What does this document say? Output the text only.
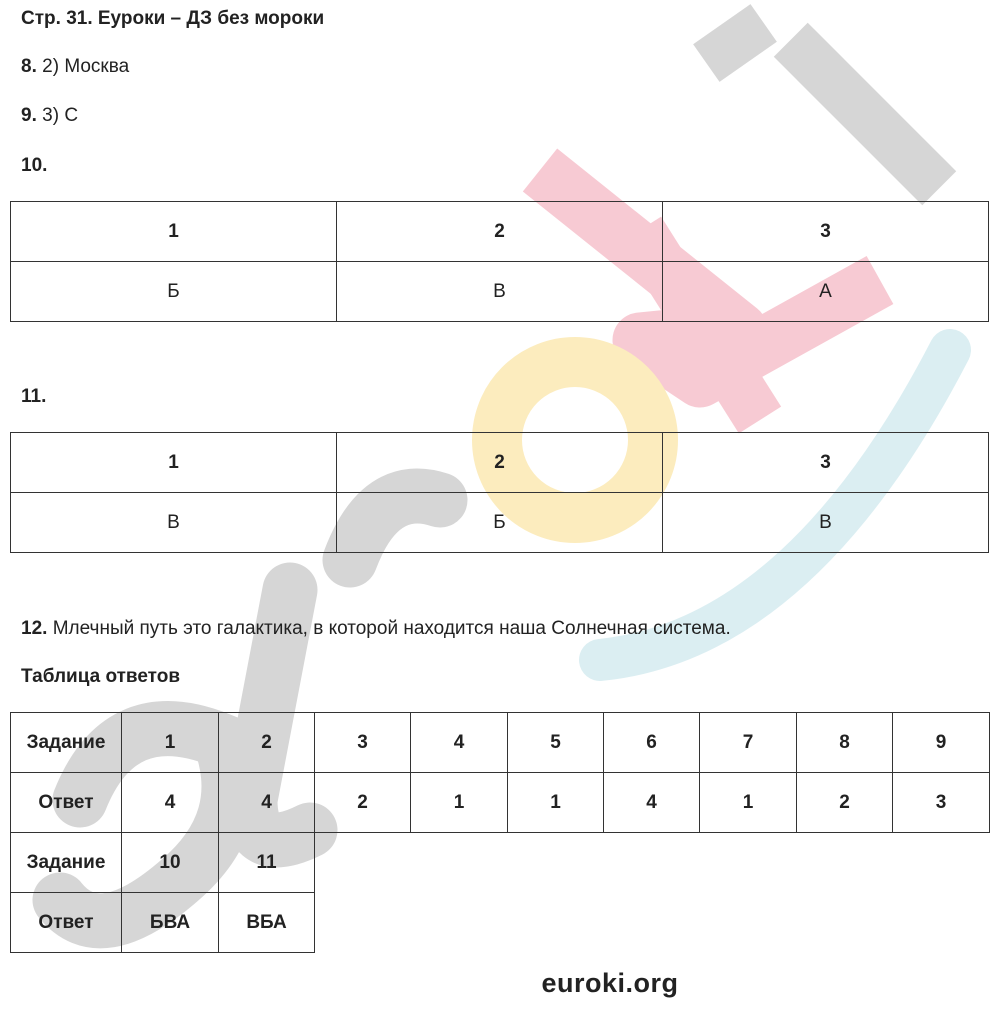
Стр. 31. Еуроки – ДЗ без мороки
8. 2) Москва
9. 3) С
10.
1	2	3
Б	В	А
11.
1	2	3
В	Б	В
12. Млечный путь это галактика, в которой находится наша Солнечная система.
Таблица ответов
Задание	1	2	3	4	5	6	7	8	9
Ответ	4	4	2	1	1	4	1	2	3
Задание	10	11							
Ответ	БВА	ВБА							
euroki.org
